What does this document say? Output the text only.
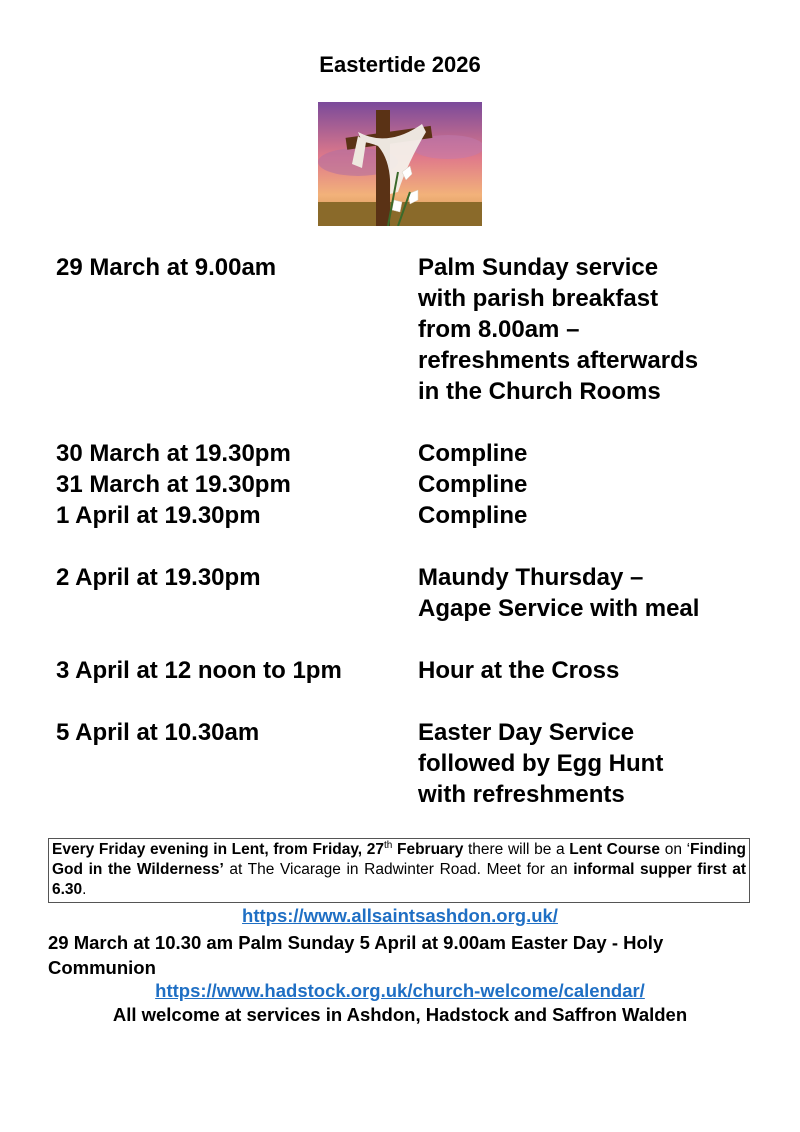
Eastertide 2026
29 March at 9.00am	Palm Sunday service
with parish breakfast
from 8.00am –
refreshments afterwards
in the Church Rooms
30 March at 19.30pm	Compline
31 March at 19.30pm	Compline
1 April at 19.30pm	Compline
2 April at 19.30pm	Maundy Thursday –
Agape Service with meal
3 April at 12 noon to 1pm	Hour at the Cross
5 April at 10.30am	Easter Day Service
followed by Egg Hunt
with refreshments
Every Friday evening in Lent, from Friday, 27th February there will be a Lent Course on ‘Finding God in the Wilderness’ at The Vicarage in Radwinter Road. Meet for an informal supper first at 6.30.
https://www.allsaintsashdon.org.uk/
29 March at 10.30 am Palm Sunday 5 April at 9.00am Easter Day - Holy Communion
https://www.hadstock.org.uk/church-welcome/calendar/
All welcome at services in Ashdon, Hadstock and Saffron Walden
